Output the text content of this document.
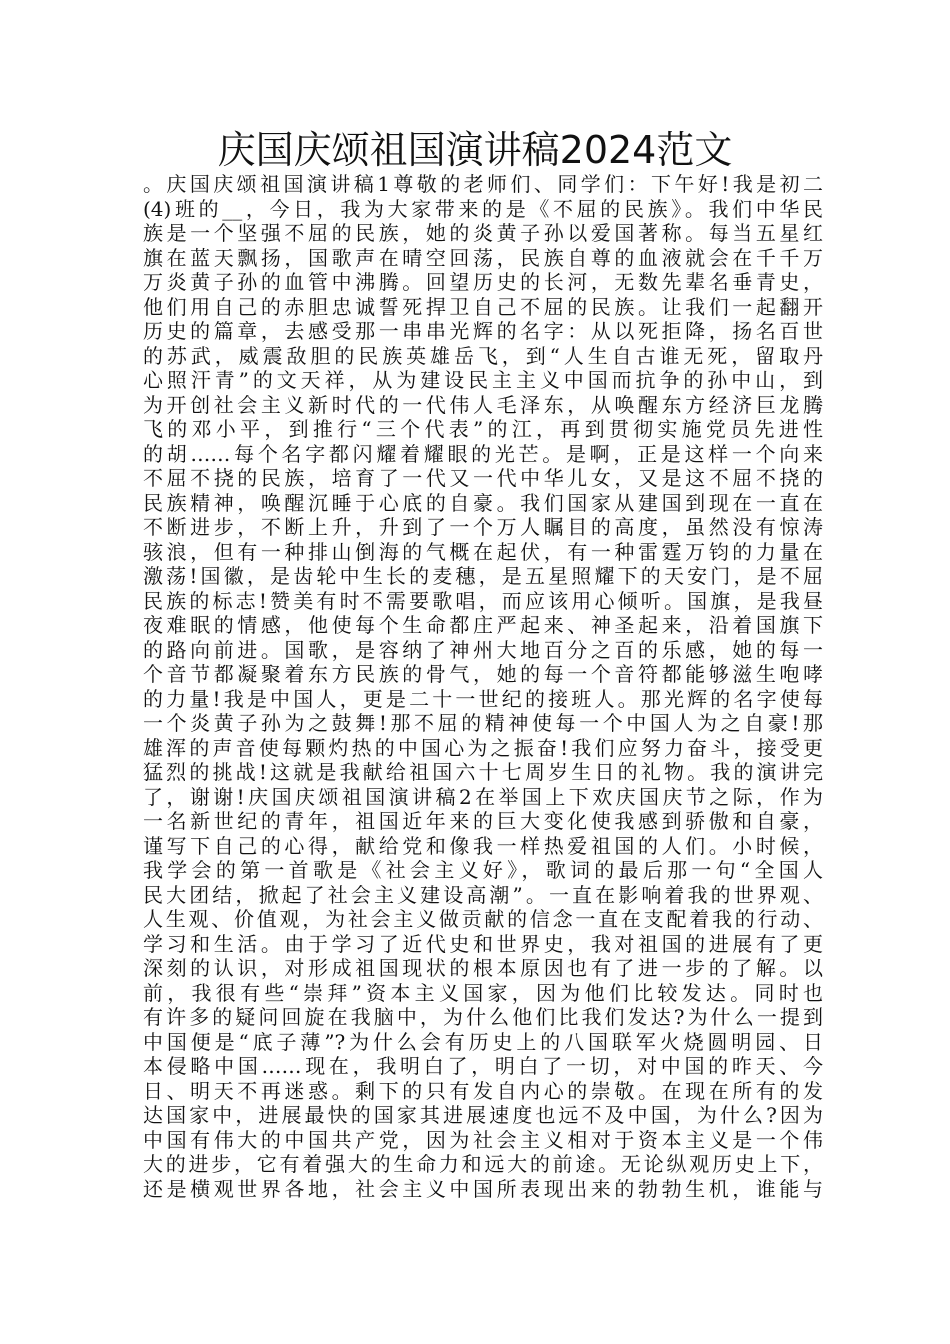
庆国庆颂祖国演讲稿2024范文
。庆国庆颂祖国演讲稿1尊敬的老师们、同学们：下午好!我是初二
(4)班的__，今日，我为大家带来的是《不屈的民族》。我们中华民
族是一个坚强不屈的民族，她的炎黄子孙以爱国著称。每当五星红
旗在蓝天飘扬，国歌声在晴空回荡，民族自尊的血液就会在千千万
万炎黄子孙的血管中沸腾。回望历史的长河，无数先辈名垂青史，
他们用自己的赤胆忠诚誓死捍卫自己不屈的民族。让我们一起翻开
历史的篇章，去感受那一串串光辉的名字：从以死拒降，扬名百世
的苏武，威震敌胆的民族英雄岳飞，到“人生自古谁无死，留取丹
心照汗青”的文天祥，从为建设民主主义中国而抗争的孙中山，到
为开创社会主义新时代的一代伟人毛泽东，从唤醒东方经济巨龙腾
飞的邓小平，到推行“三个代表”的江，再到贯彻实施党员先进性
的胡……每个名字都闪耀着耀眼的光芒。是啊，正是这样一个向来
不屈不挠的民族，培育了一代又一代中华儿女，又是这不屈不挠的
民族精神，唤醒沉睡于心底的自豪。我们国家从建国到现在一直在
不断进步，不断上升，升到了一个万人瞩目的高度，虽然没有惊涛
骇浪，但有一种排山倒海的气概在起伏，有一种雷霆万钧的力量在
激荡!国徽，是齿轮中生长的麦穗，是五星照耀下的天安门，是不屈
民族的标志!赞美有时不需要歌唱，而应该用心倾听。国旗，是我昼
夜难眠的情感，他使每个生命都庄严起来、神圣起来，沿着国旗下
的路向前进。国歌，是容纳了神州大地百分之百的乐感，她的每一
个音节都凝聚着东方民族的骨气，她的每一个音符都能够滋生咆哮
的力量!我是中国人，更是二十一世纪的接班人。那光辉的名字使每
一个炎黄子孙为之鼓舞!那不屈的精神使每一个中国人为之自豪!那
雄浑的声音使每颗灼热的中国心为之振奋!我们应努力奋斗，接受更
猛烈的挑战!这就是我献给祖国六十七周岁生日的礼物。我的演讲完
了，谢谢!庆国庆颂祖国演讲稿2在举国上下欢庆国庆节之际，作为
一名新世纪的青年，祖国近年来的巨大变化使我感到骄傲和自豪，
谨写下自己的心得，献给党和像我一样热爱祖国的人们。小时候，
我学会的第一首歌是《社会主义好》，歌词的最后那一句“全国人
民大团结，掀起了社会主义建设高潮”。一直在影响着我的世界观、
人生观、价值观，为社会主义做贡献的信念一直在支配着我的行动、
学习和生活。由于学习了近代史和世界史，我对祖国的进展有了更
深刻的认识，对形成祖国现状的根本原因也有了进一步的了解。以
前，我很有些“崇拜”资本主义国家，因为他们比较发达。同时也
有许多的疑问回旋在我脑中，为什么他们比我们发达?为什么一提到
中国便是“底子薄”?为什么会有历史上的八国联军火烧圆明园、日
本侵略中国……现在，我明白了，明白了一切，对中国的昨天、今
日、明天不再迷惑。剩下的只有发自内心的崇敬。在现在所有的发
达国家中，进展最快的国家其进展速度也远不及中国，为什么?因为
中国有伟大的中国共产党，因为社会主义相对于资本主义是一个伟
大的进步，它有着强大的生命力和远大的前途。无论纵观历史上下，
还是横观世界各地，社会主义中国所表现出来的勃勃生机，谁能与
